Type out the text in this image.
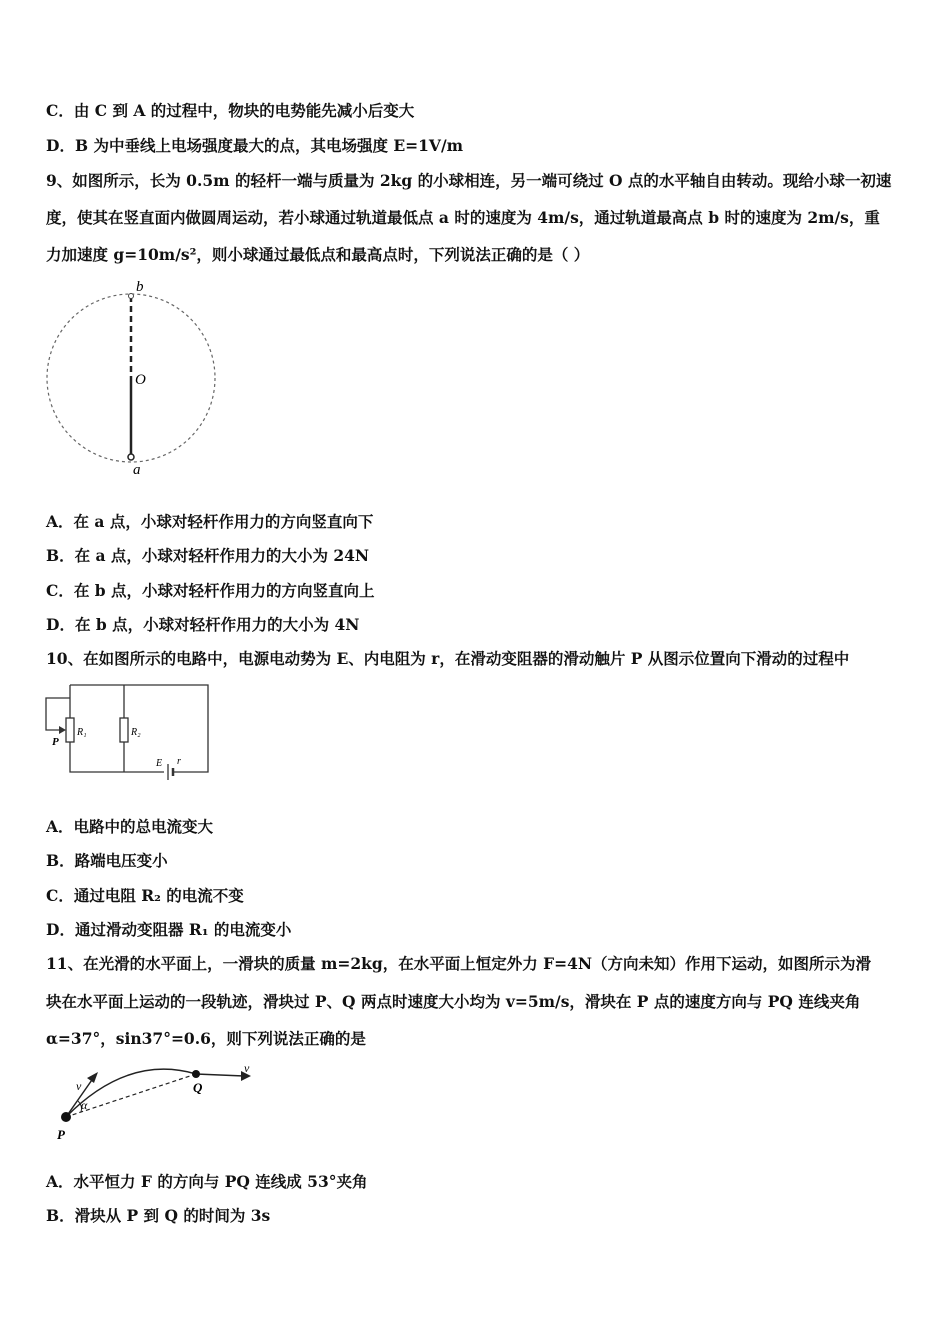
C．由 C 到 A 的过程中，物块的电势能先减小后变大
D．B 为中垂线上电场强度最大的点，其电场强度 E=1V/m
9、如图所示，长为 0.5m 的轻杆一端与质量为 2kg 的小球相连，另一端可绕过 O 点的水平轴自由转动。现给小球一初速
度，使其在竖直面内做圆周运动，若小球通过轨道最低点 a 时的速度为 4m/s，通过轨道最高点 b 时的速度为 2m/s，重
力加速度 g=10m/s²，则小球通过最低点和最高点时，下列说法正确的是（ ）
b
O
a
A．在 a 点，小球对轻杆作用力的方向竖直向下
B．在 a 点，小球对轻杆作用力的大小为 24N
C．在 b 点，小球对轻杆作用力的方向竖直向上
D．在 b 点，小球对轻杆作用力的大小为 4N
10、在如图所示的电路中，电源电动势为 E、内电阻为 r，在滑动变阻器的滑动触片 P 从图示位置向下滑动的过程中
P
R₁	R₂
E r
A．电路中的总电流变大
B．路端电压变小
C．通过电阻 R₂ 的电流不变
D．通过滑动变阻器 R₁ 的电流变小
11、在光滑的水平面上，一滑块的质量 m=2kg，在水平面上恒定外力 F=4N（方向未知）作用下运动，如图所示为滑
块在水平面上运动的一段轨迹，滑块过 P、Q 两点时速度大小均为 v=5m/s，滑块在 P 点的速度方向与 PQ 连线夹角
α=37°，sin37°=0.6，则下列说法正确的是
v
α
P
Q
v
A．水平恒力 F 的方向与 PQ 连线成 53°夹角
B．滑块从 P 到 Q 的时间为 3s
